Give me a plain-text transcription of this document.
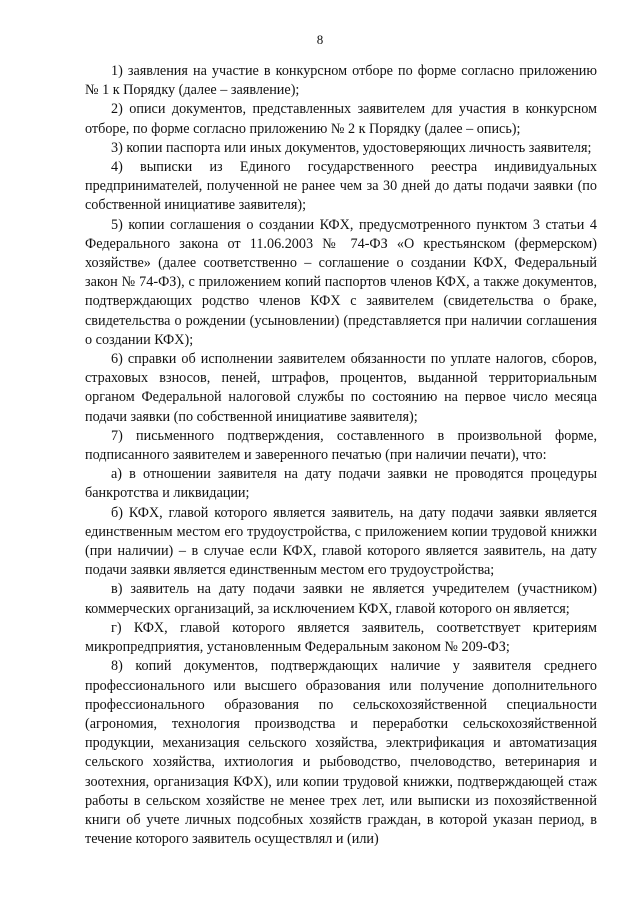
8

1) заявления на участие в конкурсном отборе по форме согласно приложению № 1 к Порядку (далее – заявление);

2) описи документов, представленных заявителем для участия в конкурсном отборе, по форме согласно приложению № 2 к Порядку (далее – опись);

3) копии паспорта или иных документов, удостоверяющих личность заявителя;

4) выписки из Единого государственного реестра индивидуальных предпринимателей, полученной не ранее чем за 30 дней до даты подачи заявки (по собственной инициативе заявителя);

5) копии соглашения о создании КФХ, предусмотренного пунктом 3 статьи 4 Федерального закона от 11.06.2003 № 74-ФЗ «О крестьянском (фермерском) хозяйстве» (далее соответственно – соглашение о создании КФХ, Федеральный закон № 74-ФЗ), с приложением копий паспортов членов КФХ, а также документов, подтверждающих родство членов КФХ с заявителем (свидетельства о браке, свидетельства о рождении (усыновлении) (представляется при наличии соглашения о создании КФХ);

6) справки об исполнении заявителем обязанности по уплате налогов, сборов, страховых взносов, пеней, штрафов, процентов, выданной территориальным органом Федеральной налоговой службы по состоянию на первое число месяца подачи заявки (по собственной инициативе заявителя);

7) письменного подтверждения, составленного в произвольной форме, подписанного заявителем и заверенного печатью (при наличии печати), что:

а) в отношении заявителя на дату подачи заявки не проводятся процедуры банкротства и ликвидации;

б) КФХ, главой которого является заявитель, на дату подачи заявки является единственным местом его трудоустройства, с приложением копии трудовой книжки (при наличии) – в случае если КФХ, главой которого является заявитель, на дату подачи заявки является единственным местом его трудоустройства;

в) заявитель на дату подачи заявки не является учредителем (участником) коммерческих организаций, за исключением КФХ, главой которого он является;

г) КФХ, главой которого является заявитель, соответствует критериям микропредприятия, установленным Федеральным законом № 209-ФЗ;

8) копий документов, подтверждающих наличие у заявителя среднего профессионального или высшего образования или получение дополнительного профессионального образования по сельскохозяйственной специальности (агрономия, технология производства и переработки сельскохозяйственной продукции, механизация сельского хозяйства, электрификация и автоматизация сельского хозяйства, ихтиология и рыбоводство, пчеловодство, ветеринария и зоотехния, организация КФХ), или копии трудовой книжки, подтверждающей стаж работы в сельском хозяйстве не менее трех лет, или выписки из похозяйственной книги об учете личных подсобных хозяйств граждан, в которой указан период, в течение которого заявитель осуществлял и (или)
